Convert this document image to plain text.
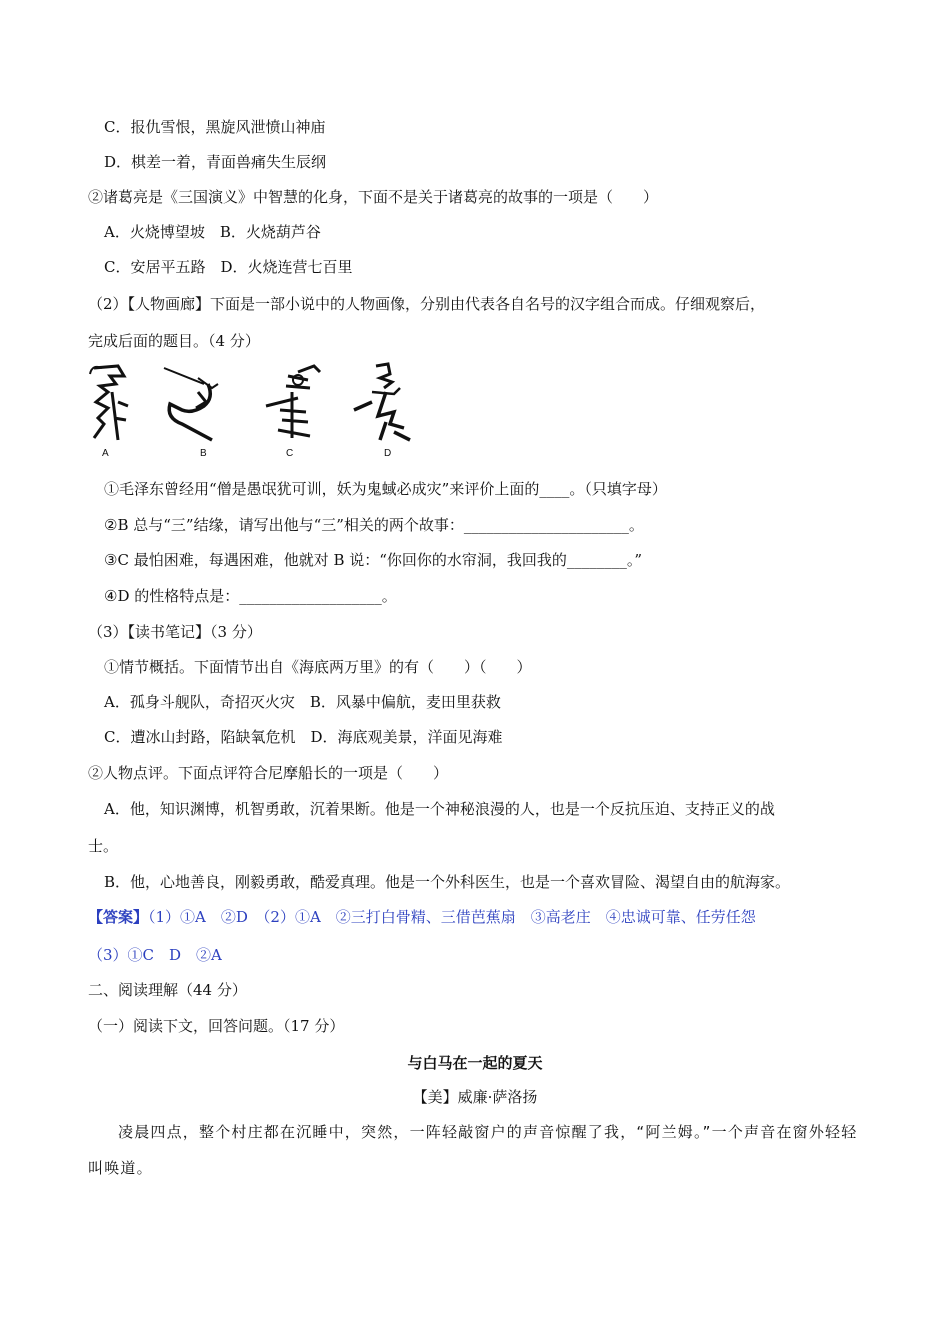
C．报仇雪恨，黑旋风泄愤山神庙
D．棋差一着，青面兽痛失生辰纲
②诸葛亮是《三国演义》中智慧的化身，下面不是关于诸葛亮的故事的一项是（　　）
A．火烧博望坡　B．火烧葫芦谷
C．安居平五路　D．火烧连营七百里
（2）【人物画廊】下面是一部小说中的人物画像，分别由代表各自名号的汉字组合而成。仔细观察后，
完成后面的题目。（4 分）
A	B	C	D
①毛泽东曾经用“僧是愚氓犹可训，妖为鬼蜮必成灾”来评价上面的____。（只填字母）
②B 总与“三”结缘，请写出他与“三”相关的两个故事：______________________。
③C 最怕困难，每遇困难，他就对 B 说：“你回你的水帘洞，我回我的________。”
④D 的性格特点是：___________________。
（3）【读书笔记】（3 分）
①情节概括。下面情节出自《海底两万里》的有（　　）（　　）
A．孤身斗舰队，奇招灭火灾　B．风暴中偏航，麦田里获救
C．遭冰山封路，陷缺氧危机　D．海底观美景，洋面见海难
②人物点评。下面点评符合尼摩船长的一项是（　　）
A．他，知识渊博，机智勇敢，沉着果断。他是一个神秘浪漫的人，也是一个反抗压迫、支持正义的战
士。
B．他，心地善良，刚毅勇敢，酷爱真理。他是一个外科医生，也是一个喜欢冒险、渴望自由的航海家。
【答案】（1）①A　②D　（2）①A　②三打白骨精、三借芭蕉扇　③高老庄　④忠诚可靠、任劳任怨
（3）①C　D　②A
二、阅读理解（44 分）
（一）阅读下文，回答问题。（17 分）
与白马在一起的夏天
【美】威廉·萨洛扬
凌晨四点，整个村庄都在沉睡中，突然，一阵轻敲窗户的声音惊醒了我，“阿兰姆。”一个声音在窗外轻轻叫唤道。
